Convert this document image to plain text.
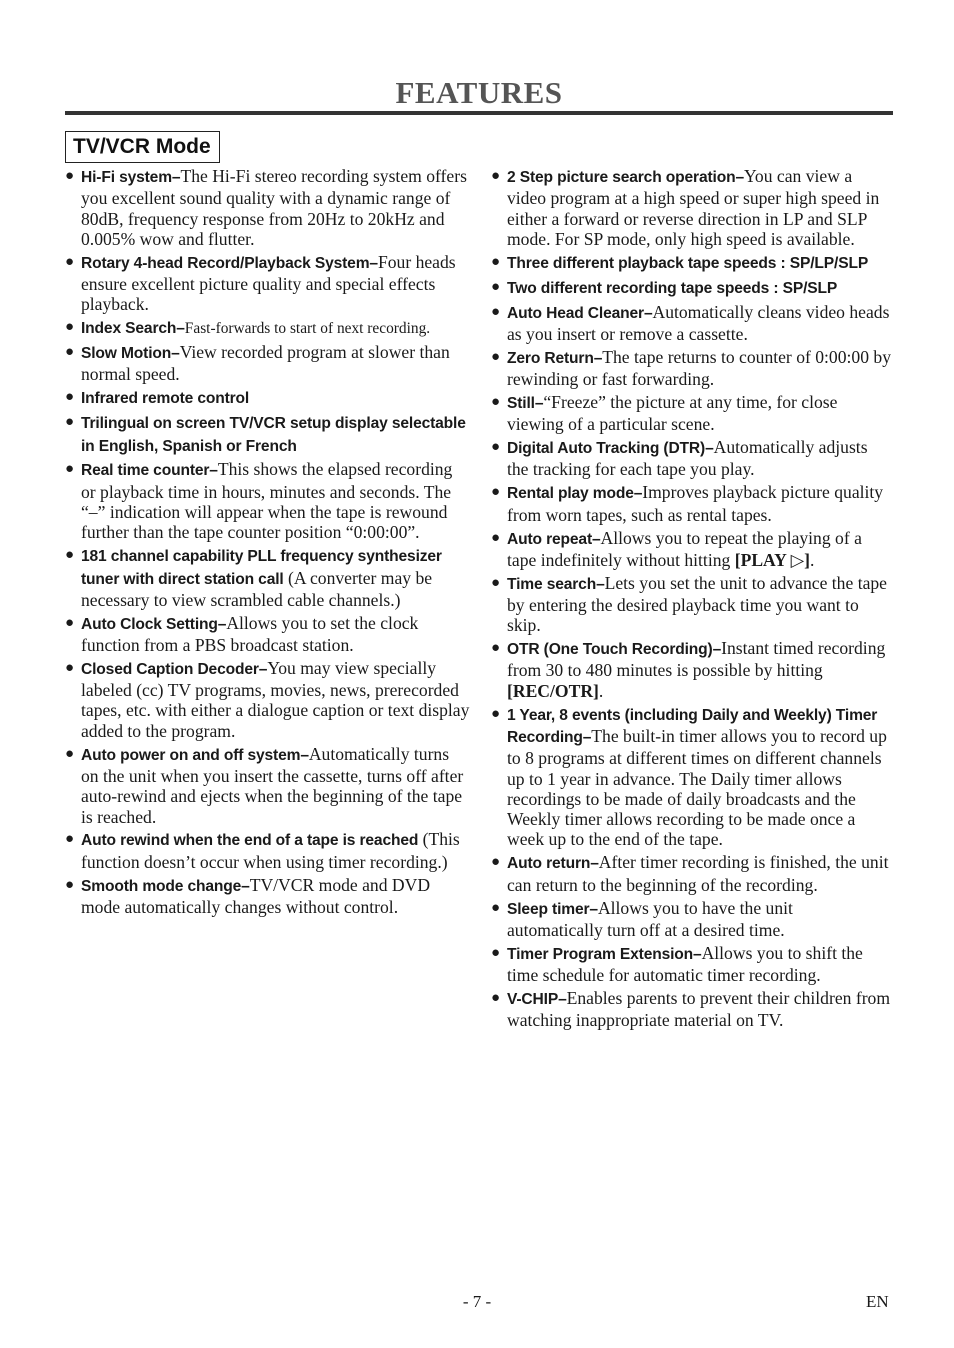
FEATURES
TV/VCR Mode
● Hi-Fi system–The Hi-Fi stereo recording system offers you excellent sound quality with a dynamic range of 80dB, frequency response from 20Hz to 20kHz and 0.005% wow and flutter.
● Rotary 4-head Record/Playback System–Four heads ensure excellent picture quality and special effects playback.
● Index Search–Fast-forwards to start of next recording.
● Slow Motion–View recorded program at slower than normal speed.
● Infrared remote control
● Trilingual on screen TV/VCR setup display selectable in English, Spanish or French
● Real time counter–This shows the elapsed recording or playback time in hours, minutes and seconds. The “–” indication will appear when the tape is rewound further than the tape counter position “0:00:00”.
● 181 channel capability PLL frequency synthesizer tuner with direct station call (A converter may be necessary to view scrambled cable channels.)
● Auto Clock Setting–Allows you to set the clock function from a PBS broadcast station.
● Closed Caption Decoder–You may view specially labeled (cc) TV programs, movies, news, prerecorded tapes, etc. with either a dialogue caption or text display added to the program.
● Auto power on and off system–Automatically turns on the unit when you insert the cassette, turns off after auto-rewind and ejects when the beginning of the tape is reached.
● Auto rewind when the end of a tape is reached (This function doesn’t occur when using timer recording.)
● Smooth mode change–TV/VCR mode and DVD mode automatically changes without control.
● 2 Step picture search operation–You can view a video program at a high speed or super high speed in either a forward or reverse direction in LP and SLP mode. For SP mode, only high speed is available.
● Three different playback tape speeds : SP/LP/SLP
● Two different recording tape speeds : SP/SLP
● Auto Head Cleaner–Automatically cleans video heads as you insert or remove a cassette.
● Zero Return–The tape returns to counter of 0:00:00 by rewinding or fast forwarding.
● Still–“Freeze” the picture at any time, for close viewing of a particular scene.
● Digital Auto Tracking (DTR)–Automatically adjusts the tracking for each tape you play.
● Rental play mode–Improves playback picture quality from worn tapes, such as rental tapes.
● Auto repeat–Allows you to repeat the playing of a tape indefinitely without hitting [PLAY ▷].
● Time search–Lets you set the unit to advance the tape by entering the desired playback time you want to skip.
● OTR (One Touch Recording)–Instant timed recording from 30 to 480 minutes is possible by hitting [REC/OTR].
● 1 Year, 8 events (including Daily and Weekly) Timer Recording–The built-in timer allows you to record up to 8 programs at different times on different channels up to 1 year in advance. The Daily timer allows recordings to be made of daily broadcasts and the Weekly timer allows recording to be made once a week up to the end of the tape.
● Auto return–After timer recording is finished, the unit can return to the beginning of the recording.
● Sleep timer–Allows you to have the unit automatically turn off at a desired time.
● Timer Program Extension–Allows you to shift the time schedule for automatic timer recording.
● V-CHIP–Enables parents to prevent their children from watching inappropriate material on TV.
- 7 -	EN
